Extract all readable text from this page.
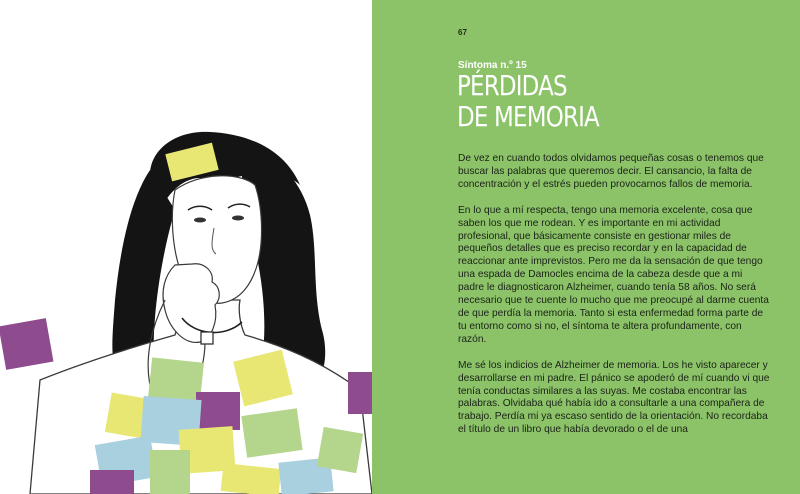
67
Síntoma n.º 15
PÉRDIDAS
DE MEMORIA

De vez en cuando todos olvidamos pequeñas cosas o tenemos que buscar las palabras que queremos decir. El cansancio, la falta de concentración y el estrés pueden provocarnos fallos de memoria.

En lo que a mí respecta, tengo una memoria excelente, cosa que saben los que me rodean. Y es importante en mi actividad profesional, que básicamente consiste en gestionar miles de pequeños detalles que es preciso recordar y en la capacidad de reaccionar ante imprevistos. Pero me da la sensación de que tengo una espada de Damocles encima de la cabeza desde que a mi padre le diagnosticaron Alzheimer, cuando tenía 58 años. No será necesario que te cuente lo mucho que me preocupé al darme cuenta de que perdía la memoria. Tanto si esta enfermedad forma parte de tu entorno como si no, el síntoma te altera profundamente, con razón.

Me sé los indicios de Alzheimer de memoria. Los he visto aparecer y desarrollarse en mi padre. El pánico se apoderó de mí cuando vi que tenía conductas similares a las suyas. Me costaba encontrar las palabras. Olvidaba qué había ido a consultarle a una compañera de trabajo. Perdía mi ya escaso sentido de la orientación. No recordaba el título de un libro que había devorado o el de una
